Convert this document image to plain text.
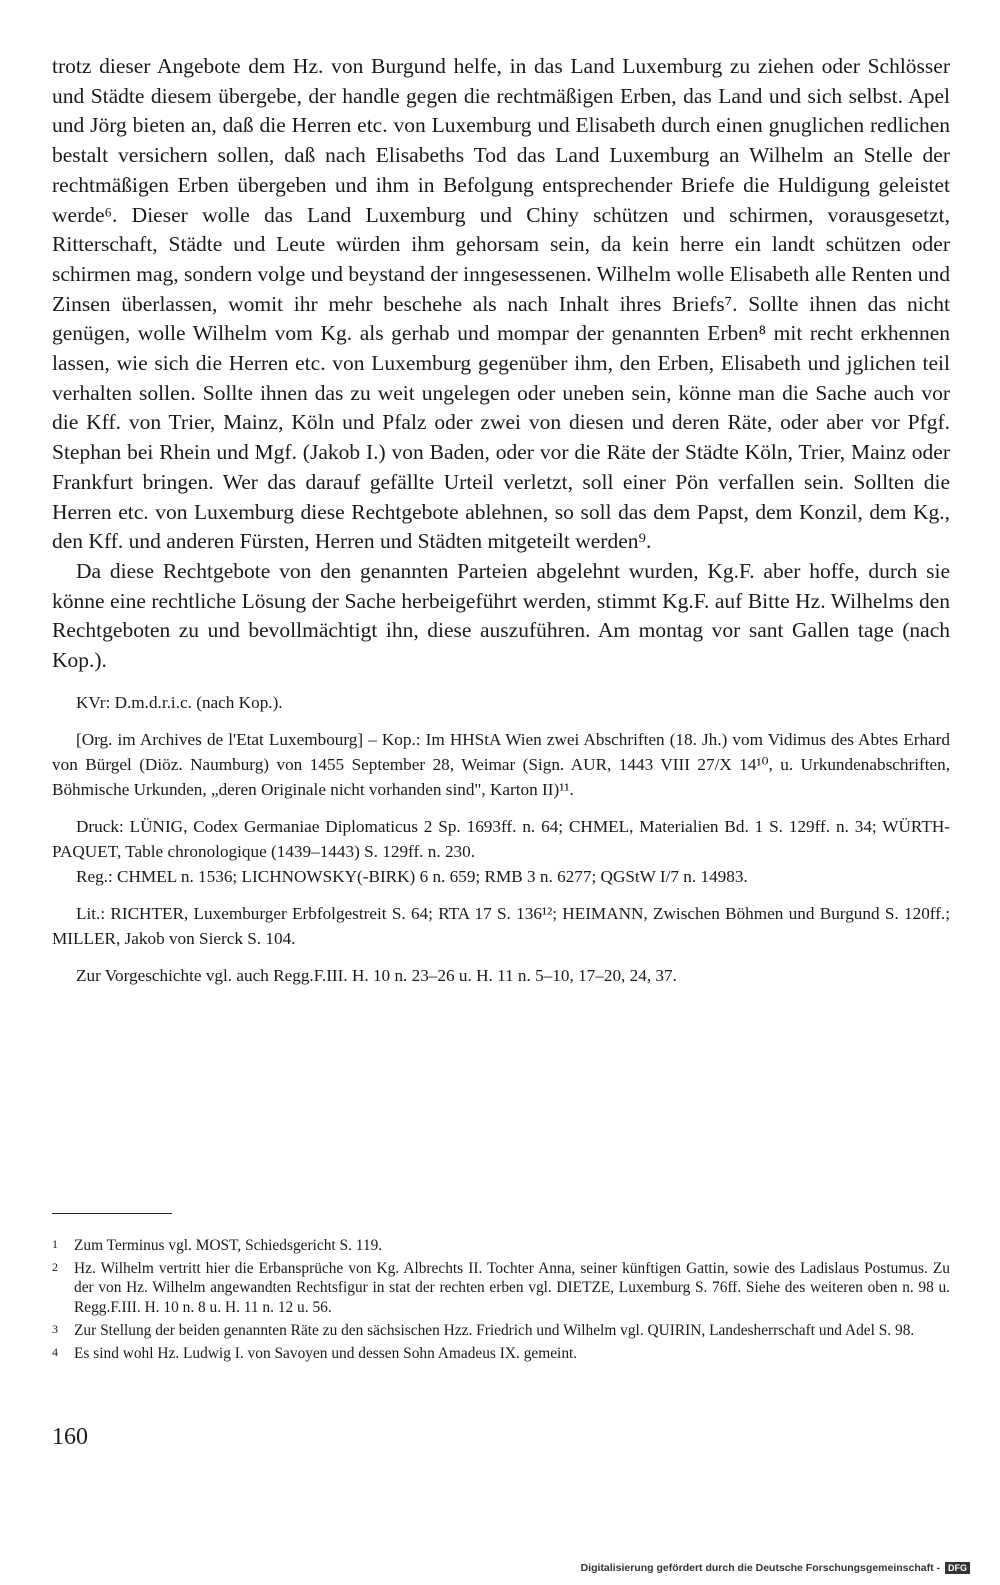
trotz dieser Angebote dem Hz. von Burgund helfe, in das Land Luxemburg zu ziehen oder Schlösser und Städte diesem übergebe, der handle gegen die rechtmäßigen Erben, das Land und sich selbst. Apel und Jörg bieten an, daß die Herren etc. von Luxemburg und Elisabeth durch einen gnuglichen redlichen bestalt versichern sollen, daß nach Elisabeths Tod das Land Luxemburg an Wilhelm an Stelle der rechtmäßigen Erben übergeben und ihm in Befolgung entsprechender Briefe die Huldigung geleistet werde⁶. Dieser wolle das Land Luxemburg und Chiny schützen und schirmen, vorausgesetzt, Ritterschaft, Städte und Leute würden ihm gehorsam sein, da kein herre ein landt schützen oder schirmen mag, sondern volge und beystand der inngesessenen. Wilhelm wolle Elisabeth alle Renten und Zinsen überlassen, womit ihr mehr beschehe als nach Inhalt ihres Briefs⁷. Sollte ihnen das nicht genügen, wolle Wilhelm vom Kg. als gerhab und mompar der genannten Erben⁸ mit recht erkhennen lassen, wie sich die Herren etc. von Luxemburg gegenüber ihm, den Erben, Elisabeth und jglichen teil verhalten sollen. Sollte ihnen das zu weit ungelegen oder uneben sein, könne man die Sache auch vor die Kff. von Trier, Mainz, Köln und Pfalz oder zwei von diesen und deren Räte, oder aber vor Pfgf. Stephan bei Rhein und Mgf. (Jakob I.) von Baden, oder vor die Räte der Städte Köln, Trier, Mainz oder Frankfurt bringen. Wer das darauf gefällte Urteil verletzt, soll einer Pön verfallen sein. Sollten die Herren etc. von Luxemburg diese Rechtgebote ablehnen, so soll das dem Papst, dem Konzil, dem Kg., den Kff. und anderen Fürsten, Herren und Städten mitgeteilt werden⁹.

Da diese Rechtgebote von den genannten Parteien abgelehnt wurden, Kg.F. aber hoffe, durch sie könne eine rechtliche Lösung der Sache herbeigeführt werden, stimmt Kg.F. auf Bitte Hz. Wilhelms den Rechtgeboten zu und bevollmächtigt ihn, diese auszuführen. Am montag vor sant Gallen tage (nach Kop.).

KVr: D.m.d.r.i.c. (nach Kop.).

[Org. im Archives de l'Etat Luxembourg] – Kop.: Im HHStA Wien zwei Abschriften (18. Jh.) vom Vidimus des Abtes Erhard von Bürgel (Diöz. Naumburg) von 1455 September 28, Weimar (Sign. AUR, 1443 VIII 27/X 14¹⁰, u. Urkundenabschriften, Böhmische Urkunden, „deren Originale nicht vorhanden sind", Karton II)¹¹.

Druck: LÜNIG, Codex Germaniae Diplomaticus 2 Sp. 1693ff. n. 64; CHMEL, Materialien Bd. 1 S. 129ff. n. 34; WÜRTH-PAQUET, Table chronologique (1439–1443) S. 129ff. n. 230.

Reg.: CHMEL n. 1536; LICHNOWSKY(-BIRK) 6 n. 659; RMB 3 n. 6277; QGStW I/7 n. 14983.

Lit.: RICHTER, Luxemburger Erbfolgestreit S. 64; RTA 17 S. 136¹²; HEIMANN, Zwischen Böhmen und Burgund S. 120ff.; MILLER, Jakob von Sierck S. 104.

Zur Vorgeschichte vgl. auch Regg.F.III. H. 10 n. 23–26 u. H. 11 n. 5–10, 17–20, 24, 37.

1	Zum Terminus vgl. MOST, Schiedsgericht S. 119.
2	Hz. Wilhelm vertritt hier die Erbansprüche von Kg. Albrechts II. Tochter Anna, seiner künftigen Gattin, sowie des Ladislaus Postumus. Zu der von Hz. Wilhelm angewandten Rechtsfigur in stat der rechten erben vgl. DIETZE, Luxemburg S. 76ff. Siehe des weiteren oben n. 98 u. Regg.F.III. H. 10 n. 8 u. H. 11 n. 12 u. 56.
3	Zur Stellung der beiden genannten Räte zu den sächsischen Hzz. Friedrich und Wilhelm vgl. QUIRIN, Landesherrschaft und Adel S. 98.
4	Es sind wohl Hz. Ludwig I. von Savoyen und dessen Sohn Amadeus IX. gemeint.
160
Digitalisierung gefördert durch die Deutsche Forschungsgemeinschaft - DFG
